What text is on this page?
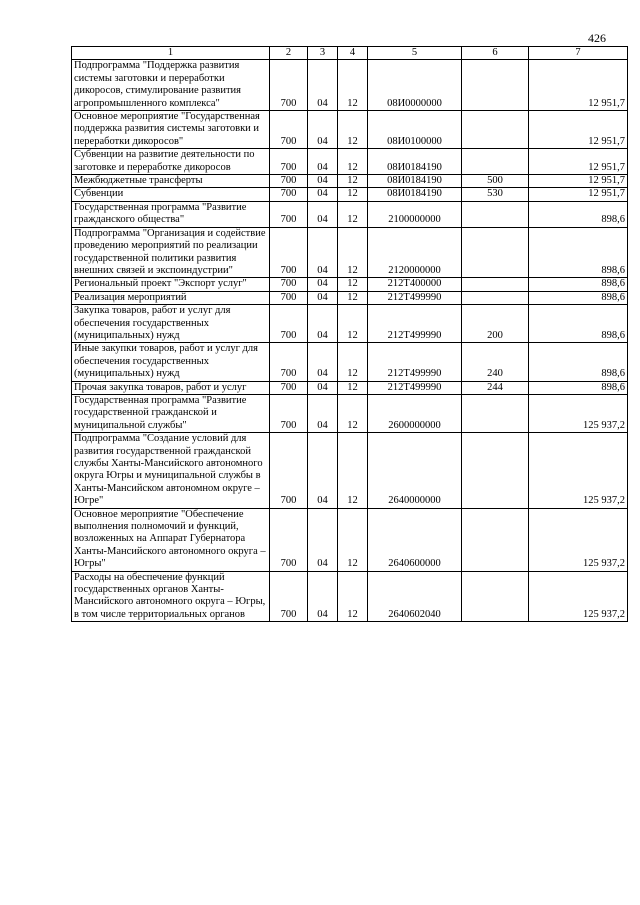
426
1	2	3	4	5	6	7
Подпрограмма "Поддержка развития системы заготовки и переработки дикоросов, стимулирование развития агропромышленного комплекса"	700	04	12	08И0000000		12 951,7
Основное мероприятие "Государственная поддержка развития системы заготовки и переработки дикоросов"	700	04	12	08И0100000		12 951,7
Субвенции на развитие деятельности по заготовке и переработке дикоросов	700	04	12	08И0184190		12 951,7
Межбюджетные трансферты	700	04	12	08И0184190	500	12 951,7
Субвенции	700	04	12	08И0184190	530	12 951,7
Государственная программа "Развитие гражданского общества"	700	04	12	2100000000		898,6
Подпрограмма "Организация и содействие проведению мероприятий по реализации государственной политики развития внешних связей и экспоиндустрии"	700	04	12	2120000000		898,6
Региональный проект "Экспорт услуг"	700	04	12	212T400000		898,6
Реализация мероприятий	700	04	12	212T499990		898,6
Закупка товаров, работ и услуг для обеспечения государственных (муниципальных) нужд	700	04	12	212T499990	200	898,6
Иные закупки товаров, работ и услуг для обеспечения государственных (муниципальных) нужд	700	04	12	212T499990	240	898,6
Прочая закупка товаров, работ и услуг	700	04	12	212T499990	244	898,6
Государственная программа "Развитие государственной гражданской и муниципальной службы"	700	04	12	2600000000		125 937,2
Подпрограмма "Создание условий для развития государственной гражданской службы Ханты-Мансийского автономного округа Югры и муниципальной службы в Ханты-Мансийском автономном округе – Югре"	700	04	12	2640000000		125 937,2
Основное мероприятие "Обеспечение выполнения полномочий и функций, возложенных на Аппарат Губернатора Ханты-Мансийского автономного округа – Югры"	700	04	12	2640600000		125 937,2
Расходы на обеспечение функций государственных органов Ханты-Мансийского автономного округа – Югры, в том числе территориальных органов	700	04	12	2640602040		125 937,2
